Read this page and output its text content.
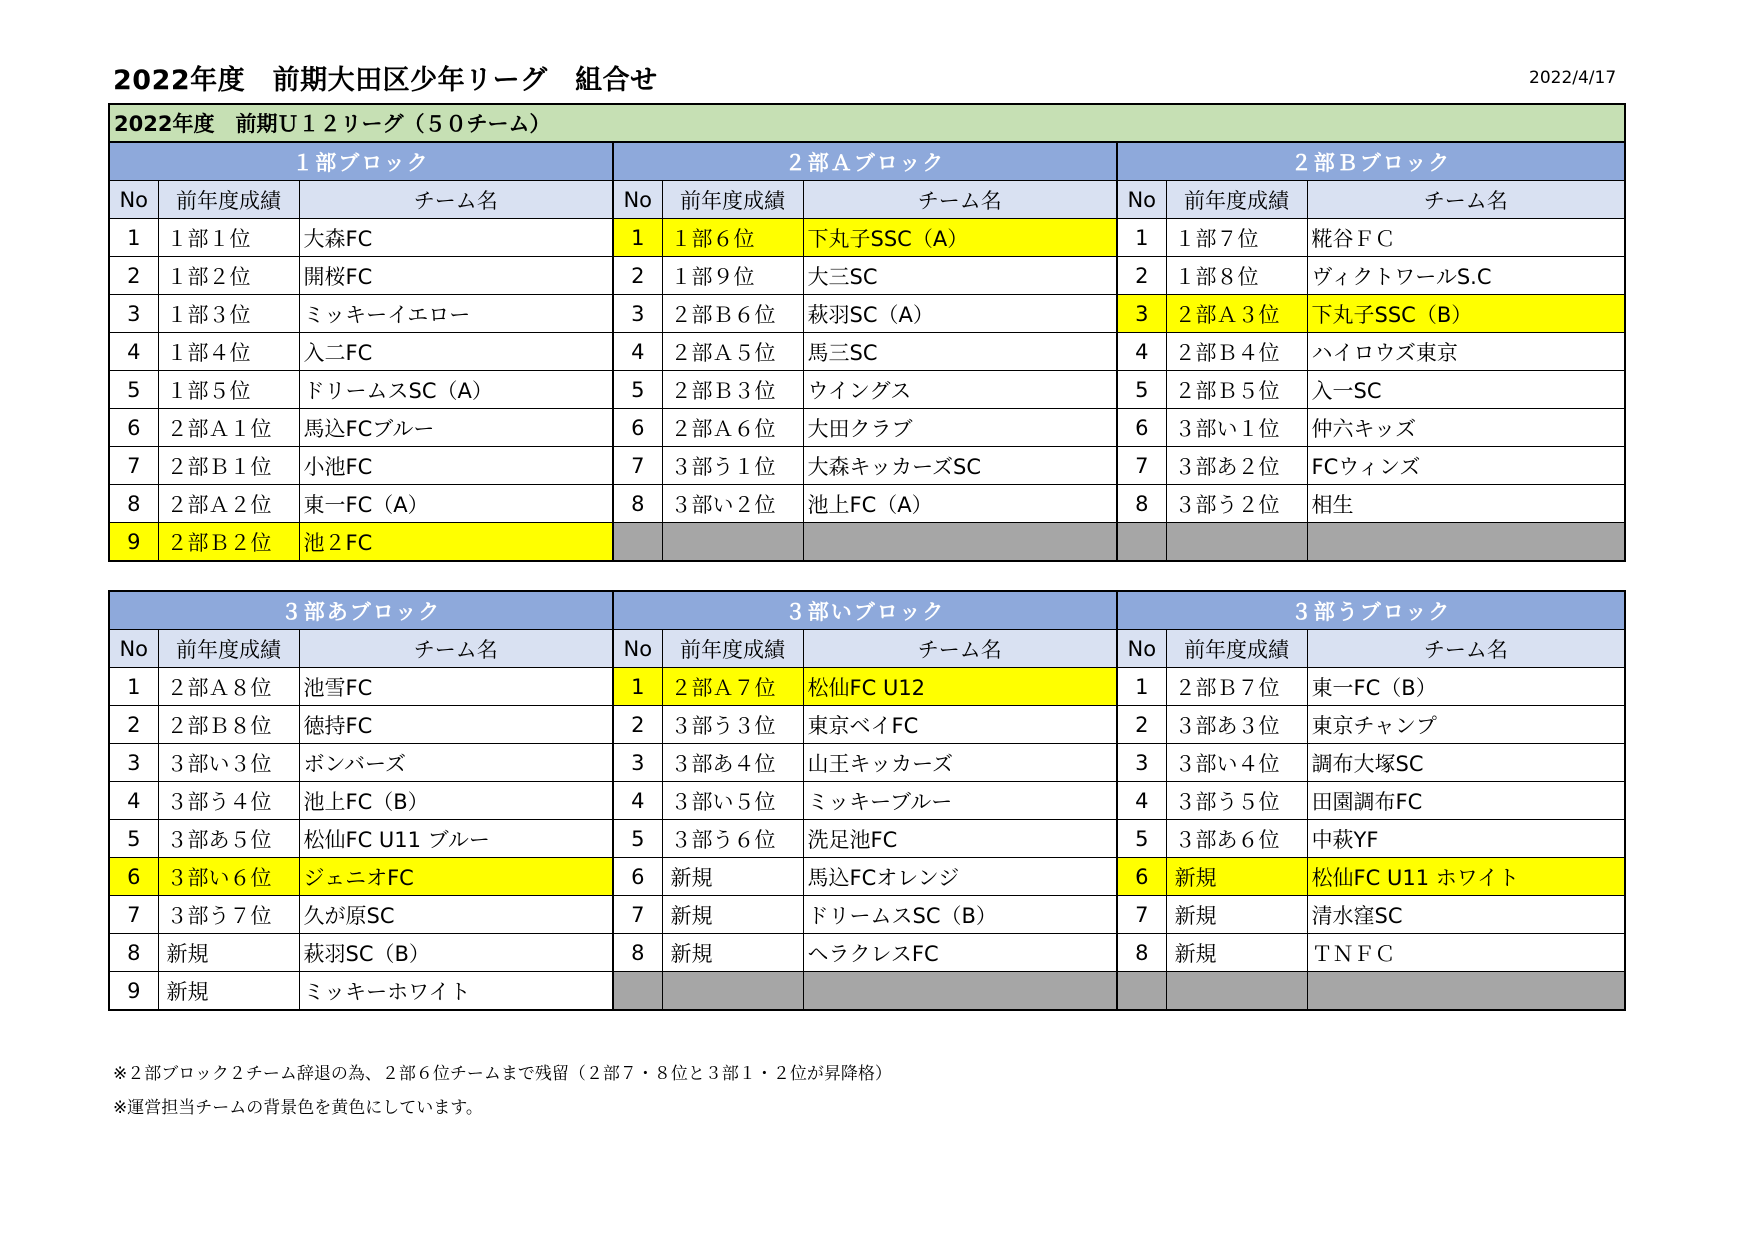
2022年度　前期大田区少年リーグ　組合せ	2022/4/17
2022年度　前期Ｕ１２リーグ（５０チーム）								
１部ブロック			２部Ａブロック			２部Ｂブロック		
No	前年度成績	チーム名	No	前年度成績	チーム名	No	前年度成績	チーム名
1	１部１位	大森FC	1	１部６位	下丸子SSC（A）	1	１部７位	糀谷ＦＣ
2	１部２位	開桜FC	2	１部９位	大三SC	2	１部８位	ヴィクトワールS.C
3	１部３位	ミッキーイエロー	3	２部Ｂ６位	萩羽SC（A）	3	２部Ａ３位	下丸子SSC（B）
4	１部４位	入二FC	4	２部Ａ５位	馬三SC	4	２部Ｂ４位	ハイロウズ東京
5	１部５位	ドリームスSC（A）	5	２部Ｂ３位	ウイングス	5	２部Ｂ５位	入一SC
6	２部Ａ１位	馬込FCブルー	6	２部Ａ６位	大田クラブ	6	３部い１位	仲六キッズ
7	２部Ｂ１位	小池FC	7	３部う１位	大森キッカーズSC	7	３部あ２位	FCウィンズ
8	２部Ａ２位	東一FC（A）	8	３部い２位	池上FC（A）	8	３部う２位	相生
9	２部Ｂ２位	池２FC						
３部あブロック			３部いブロック			３部うブロック		
No	前年度成績	チーム名	No	前年度成績	チーム名	No	前年度成績	チーム名
1	２部Ａ８位	池雪FC	1	２部Ａ７位	松仙FC U12	1	２部Ｂ７位	東一FC（B）
2	２部Ｂ８位	徳持FC	2	３部う３位	東京ベイFC	2	３部あ３位	東京チャンプ
3	３部い３位	ボンバーズ	3	３部あ４位	山王キッカーズ	3	３部い４位	調布大塚SC
4	３部う４位	池上FC（B）	4	３部い５位	ミッキーブルー	4	３部う５位	田園調布FC
5	３部あ５位	松仙FC U11 ブルー	5	３部う６位	洗足池FC	5	３部あ６位	中萩YF
6	３部い６位	ジェニオFC	6	新規	馬込FCオレンジ	6	新規	松仙FC U11 ホワイト
7	３部う７位	久が原SC	7	新規	ドリームスSC（B）	7	新規	清水窪SC
8	新規	萩羽SC（B）	8	新規	ヘラクレスFC	8	新規	ＴＮＦＣ
9	新規	ミッキーホワイト						
※２部ブロック２チーム辞退の為、２部６位チームまで残留（２部７・８位と３部１・２位が昇降格）
※運営担当チームの背景色を黄色にしています。
